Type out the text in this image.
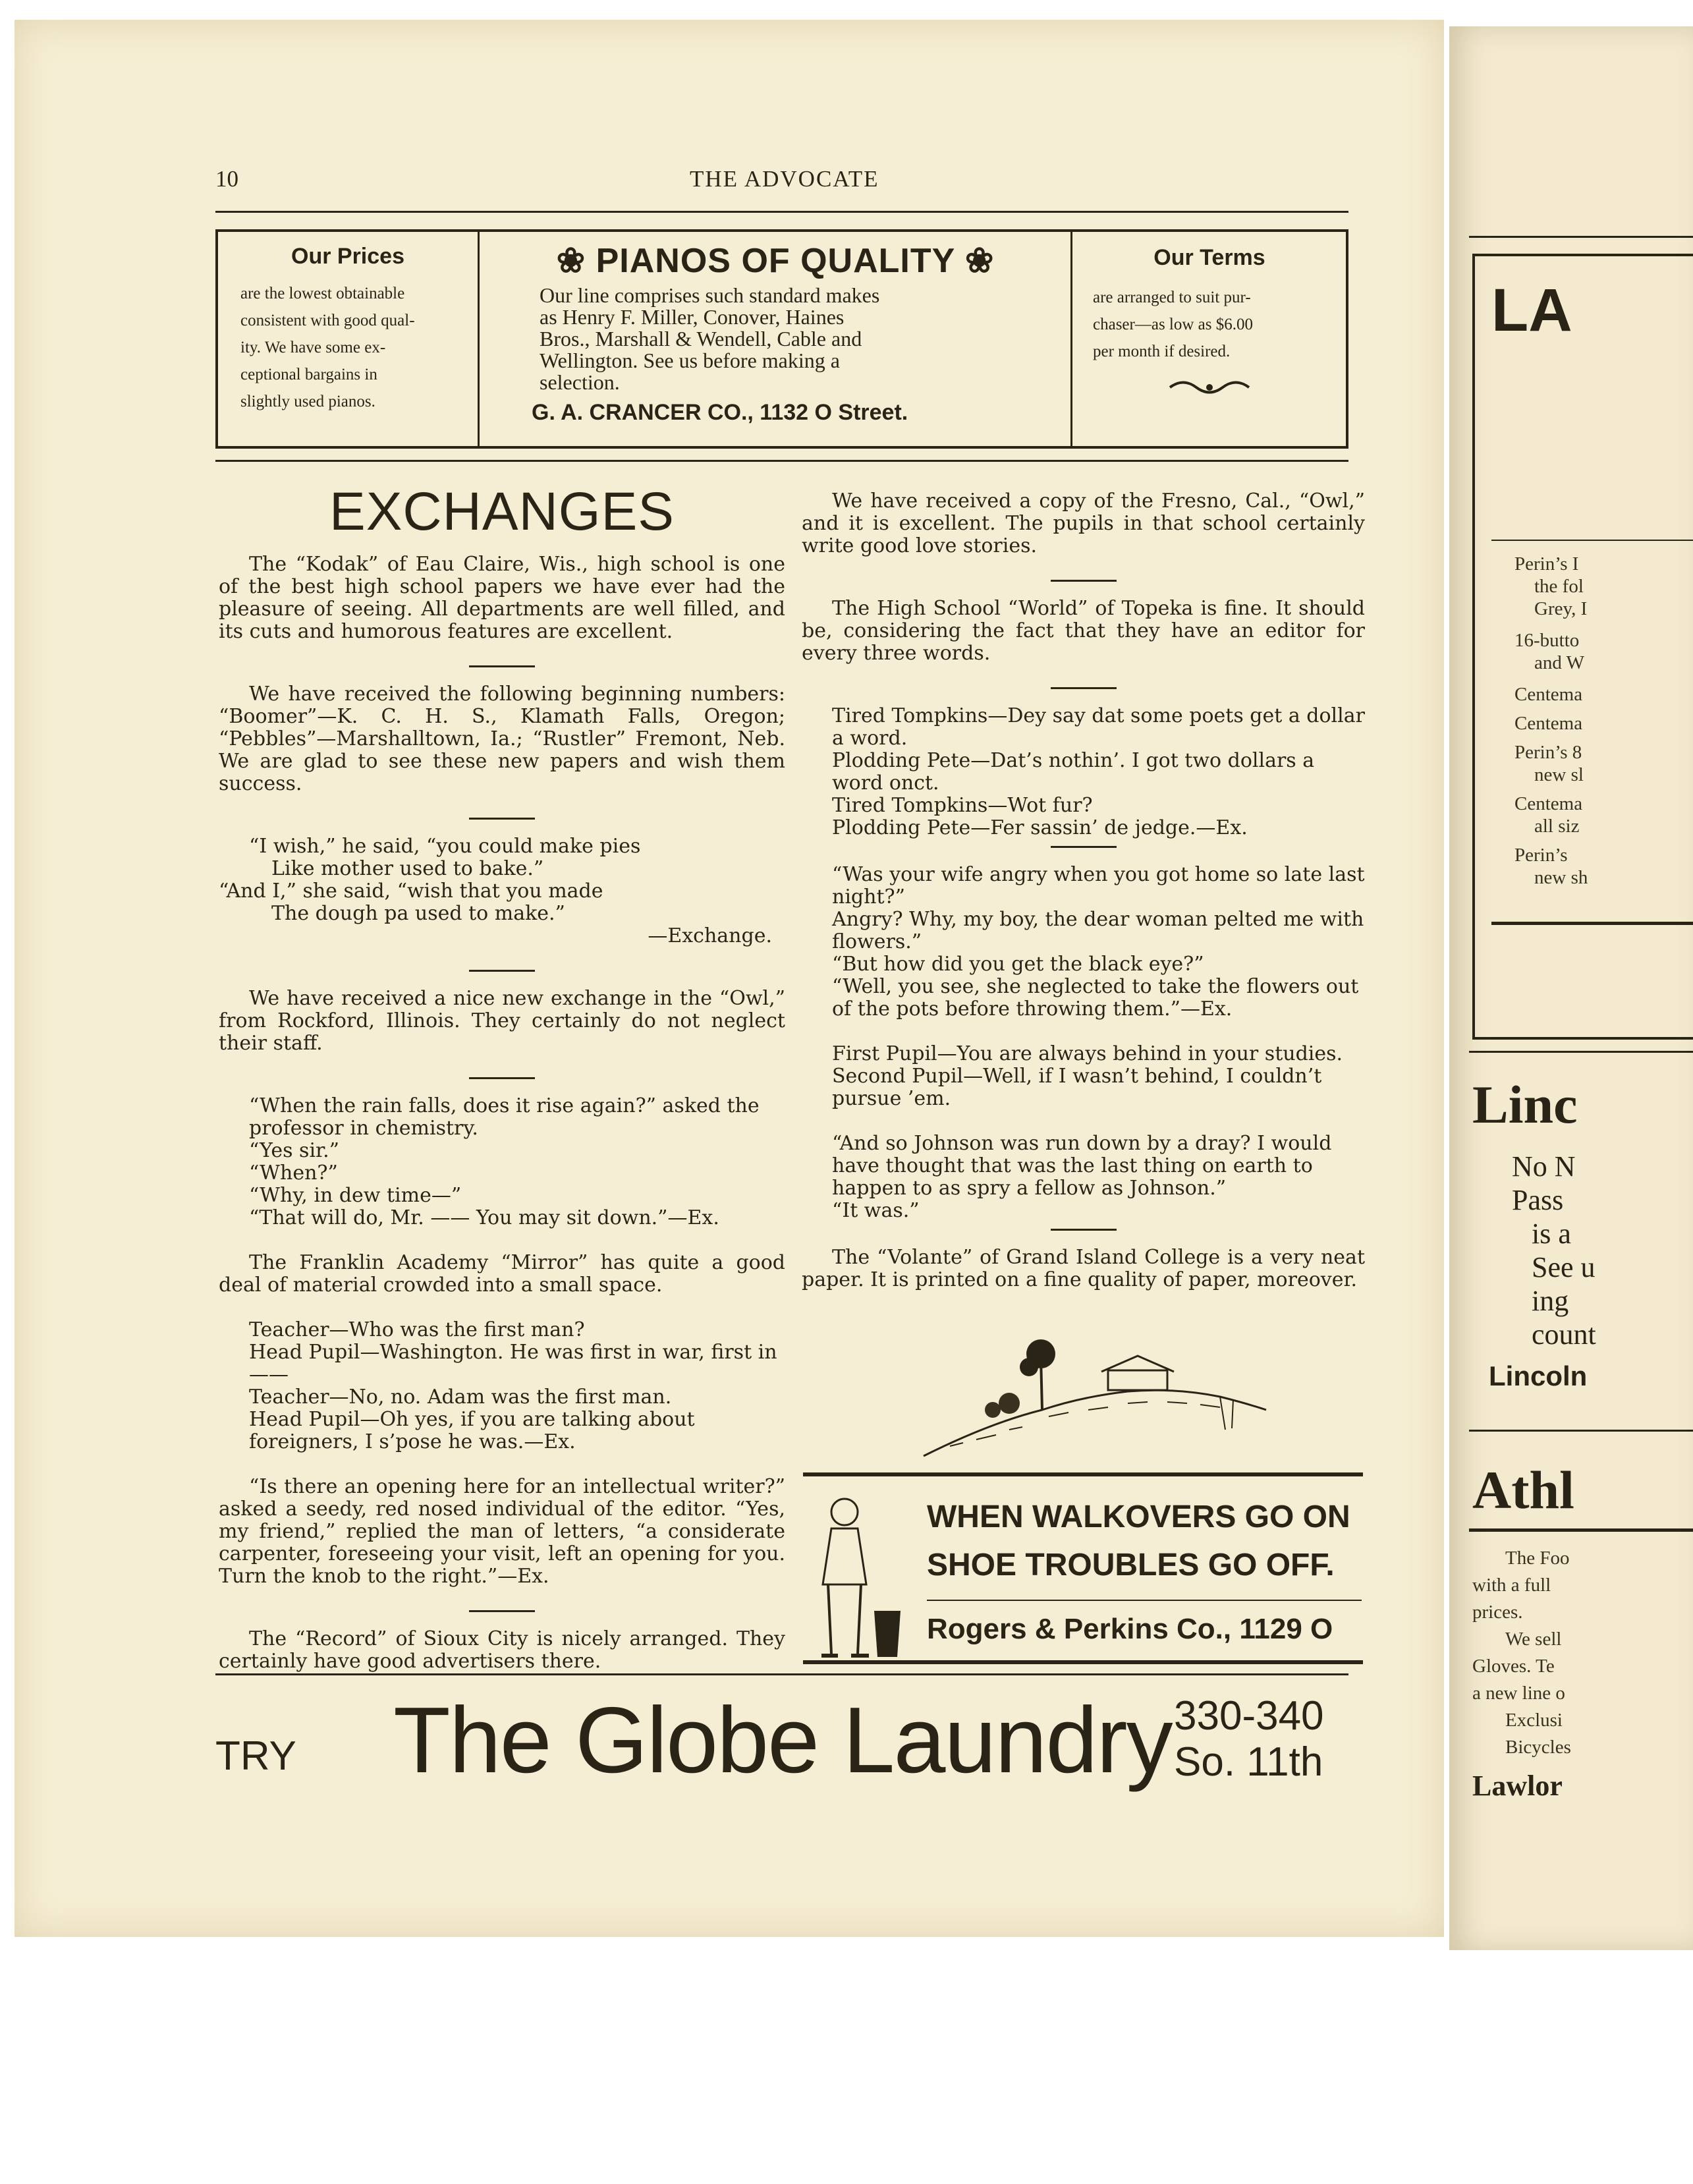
10	THE ADVOCATE
Our Prices
are the lowest obtainable
consistent with good qual-
ity. We have some ex-
ceptional bargains in
slightly used pianos.
❀ PIANOS OF QUALITY ❀
Our line comprises such standard makes
as Henry F. Miller, Conover, Haines
Bros., Marshall & Wendell, Cable and
Wellington. See us before making a
selection.
G. A. CRANCER CO., 1132 O Street.
Our Terms
are arranged to suit pur-
chaser—as low as $6.00
per month if desired.
EXCHANGES

The “Kodak” of Eau Claire, Wis., high school is one of the best high school papers we have ever had the pleasure of seeing. All departments are well filled, and its cuts and humorous features are excellent.

We have received the following beginning numbers: “Boomer”—K. C. H. S., Klamath Falls, Oregon; “Pebbles”—Marshalltown, Ia.; “Rustler” Fremont, Neb. We are glad to see these new papers and wish them success.

“I wish,” he said, “you could make pies
Like mother used to bake.”
“And I,” she said, “wish that you made
The dough pa used to make.”
—Exchange.

We have received a nice new exchange in the “Owl,” from Rockford, Illinois. They certainly do not neglect their staff.

“When the rain falls, does it rise again?” asked the professor in chemistry.
“Yes sir.”
“When?”
“Why, in dew time—”
“That will do, Mr. —— You may sit down.”—Ex.

The Franklin Academy “Mirror” has quite a good deal of material crowded into a small space.

Teacher—Who was the first man?
Head Pupil—Washington. He was first in war, first in——
Teacher—No, no. Adam was the first man.
Head Pupil—Oh yes, if you are talking about foreigners, I s’pose he was.—Ex.

“Is there an opening here for an intellectual writer?” asked a seedy, red nosed individual of the editor. “Yes, my friend,” replied the man of letters, “a considerate carpenter, foreseeing your visit, left an opening for you. Turn the knob to the right.”—Ex.

The “Record” of Sioux City is nicely arranged. They certainly have good advertisers there.

We have received a copy of the Fresno, Cal., “Owl,” and it is excellent. The pupils in that school certainly write good love stories.

The High School “World” of Topeka is fine. It should be, considering the fact that they have an editor for every three words.

Tired Tompkins—Dey say dat some poets get a dollar a word.
Plodding Pete—Dat’s nothin’. I got two dollars a word onct.
Tired Tompkins—Wot fur?
Plodding Pete—Fer sassin’ de jedge.—Ex.
“Was your wife angry when you got home so late last night?”
Angry? Why, my boy, the dear woman pelted me with flowers.”
“But how did you get the black eye?”
“Well, you see, she neglected to take the flowers out of the pots before throwing them.”—Ex.
First Pupil—You are always behind in your studies.
Second Pupil—Well, if I wasn’t behind, I couldn’t pursue ’em.
“And so Johnson was run down by a dray? I would have thought that was the last thing on earth to happen to as spry a fellow as Johnson.”
“It was.”

The “Volante” of Grand Island College is a very neat paper. It is printed on a fine quality of paper, moreover.

WHEN WALKOVERS GO ON
SHOE TROUBLES GO OFF.
Rogers & Perkins Co., 1129 O
TRY The Globe Laundry 330-340
So. 11th
LA
Perin’s I
the fol
Grey, I
16-butto
and W
Centema
Centema
Perin’s 8
new sl
Centema
all siz
Perin’s
new sh
Linc
No N
Pass
is a
See u
ing
count
Lincoln
Athl
The Foo
with a full
prices.
We sell
Gloves. Te
a new line o
Exclusi
Bicycles
Lawlor
